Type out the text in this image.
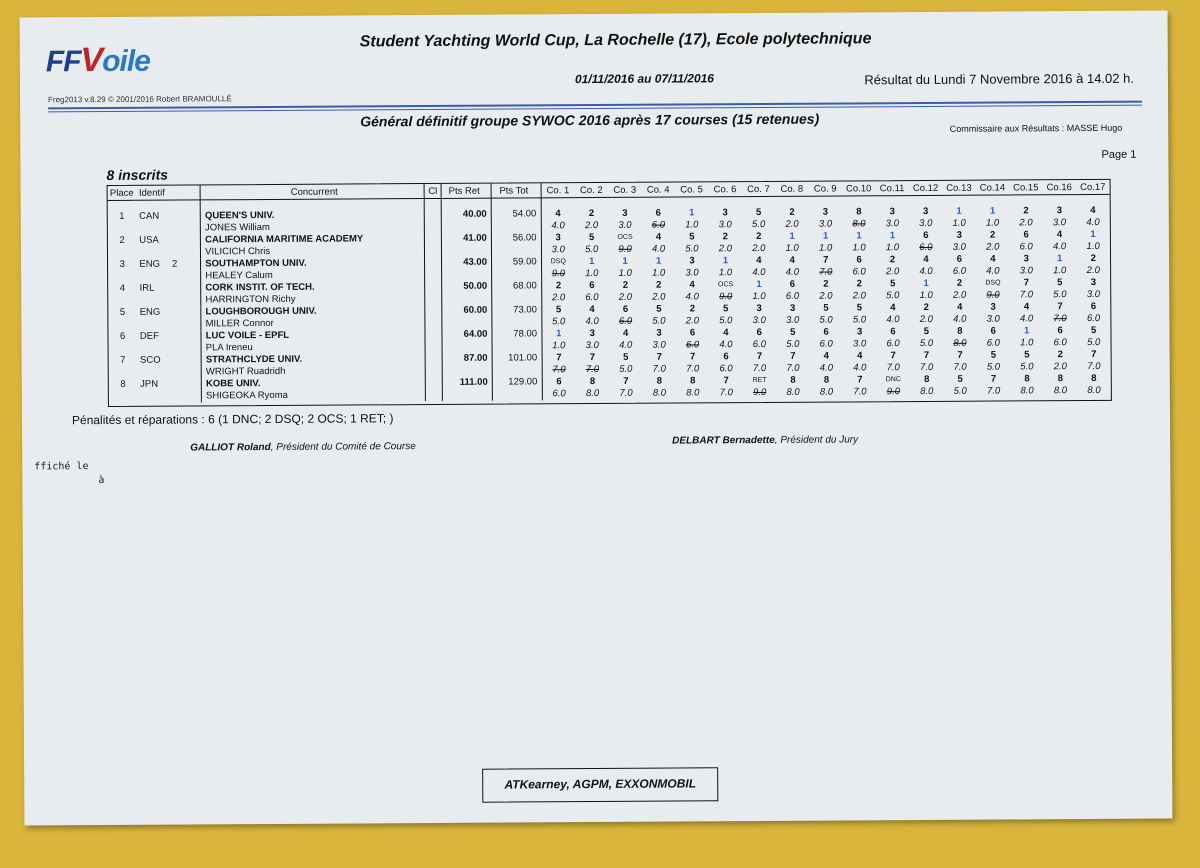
FFVoile
Freg2013 v.8.29 © 2001/2016 Robert BRAMOULLÉ
Student Yachting World Cup, La Rochelle (17), Ecole polytechnique
01/11/2016 au 07/11/2016	Résultat du Lundi 7 Novembre 2016 à 14.02 h.
Général définitif groupe SYWOC 2016 après 17 courses (15 retenues)	Commissaire aux Résultats : MASSE Hugo
Page 1
8 inscrits
Place	Identif	Concurrent	Cl	Pts Ret	Pts Tot	Co. 1	Co. 2	Co. 3	Co. 4	Co. 5	Co. 6	Co. 7	Co. 8	Co. 9	Co.10	Co.11	Co.12	Co.13	Co.14	Co.15	Co.16	Co.17

1	CAN	QUEEN'S UNIV.		40.00	54.00	4	2	3	6	1	3	5	2	3	8	3	3	1	1	2	3	4
		JONES William				4.0	2.0	3.0	6.0	1.0	3.0	5.0	2.0	3.0	8.0	3.0	3.0	1.0	1.0	2.0	3.0	4.0
2	USA	CALIFORNIA MARITIME ACADEMY		41.00	56.00	3	5	OCS	4	5	2	2	1	1	1	1	6	3	2	6	4	1
		VILICICH Chris				3.0	5.0	9.0	4.0	5.0	2.0	2.0	1.0	1.0	1.0	1.0	6.0	3.0	2.0	6.0	4.0	1.0
3	ENG 2	SOUTHAMPTON UNIV.		43.00	59.00	DSQ	1	1	1	3	1	4	4	7	6	2	4	6	4	3	1	2
		HEALEY Calum				9.0	1.0	1.0	1.0	3.0	1.0	4.0	4.0	7.0	6.0	2.0	4.0	6.0	4.0	3.0	1.0	2.0
4	IRL	CORK INSTIT. OF TECH.		50.00	68.00	2	6	2	2	4	OCS	1	6	2	2	5	1	2	DSQ	7	5	3
		HARRINGTON Richy				2.0	6.0	2.0	2.0	4.0	9.0	1.0	6.0	2.0	2.0	5.0	1.0	2.0	9.0	7.0	5.0	3.0
5	ENG	LOUGHBOROUGH UNIV.		60.00	73.00	5	4	6	5	2	5	3	3	5	5	4	2	4	3	4	7	6
		MILLER Connor				5.0	4.0	6.0	5.0	2.0	5.0	3.0	3.0	5.0	5.0	4.0	2.0	4.0	3.0	4.0	7.0	6.0
6	DEF	LUC VOILE - EPFL		64.00	78.00	1	3	4	3	6	4	6	5	6	3	6	5	8	6	1	6	5
		PLA Ireneu				1.0	3.0	4.0	3.0	6.0	4.0	6.0	5.0	6.0	3.0	6.0	5.0	8.0	6.0	1.0	6.0	5.0
7	SCO	STRATHCLYDE UNIV.		87.00	101.00	7	7	5	7	7	6	7	7	4	4	7	7	7	5	5	2	7
		WRIGHT Ruadridh				7.0	7.0	5.0	7.0	7.0	6.0	7.0	7.0	4.0	4.0	7.0	7.0	7.0	5.0	5.0	2.0	7.0
8	JPN	KOBE UNIV.		111.00	129.00	6	8	7	8	8	7	RET	8	8	7	DNC	8	5	7	8	8	8
		SHIGEOKA Ryoma				6.0	8.0	7.0	8.0	8.0	7.0	9.0	8.0	8.0	7.0	9.0	8.0	5.0	7.0	8.0	8.0	8.0
Pénalités et réparations : 6 (1 DNC; 2 DSQ; 2 OCS; 1 RET; )
GALLIOT Roland, Président du Comité de Course
DELBART Bernadette, Président du Jury
ffiché le
à
ATKearney, AGPM, EXXONMOBIL
